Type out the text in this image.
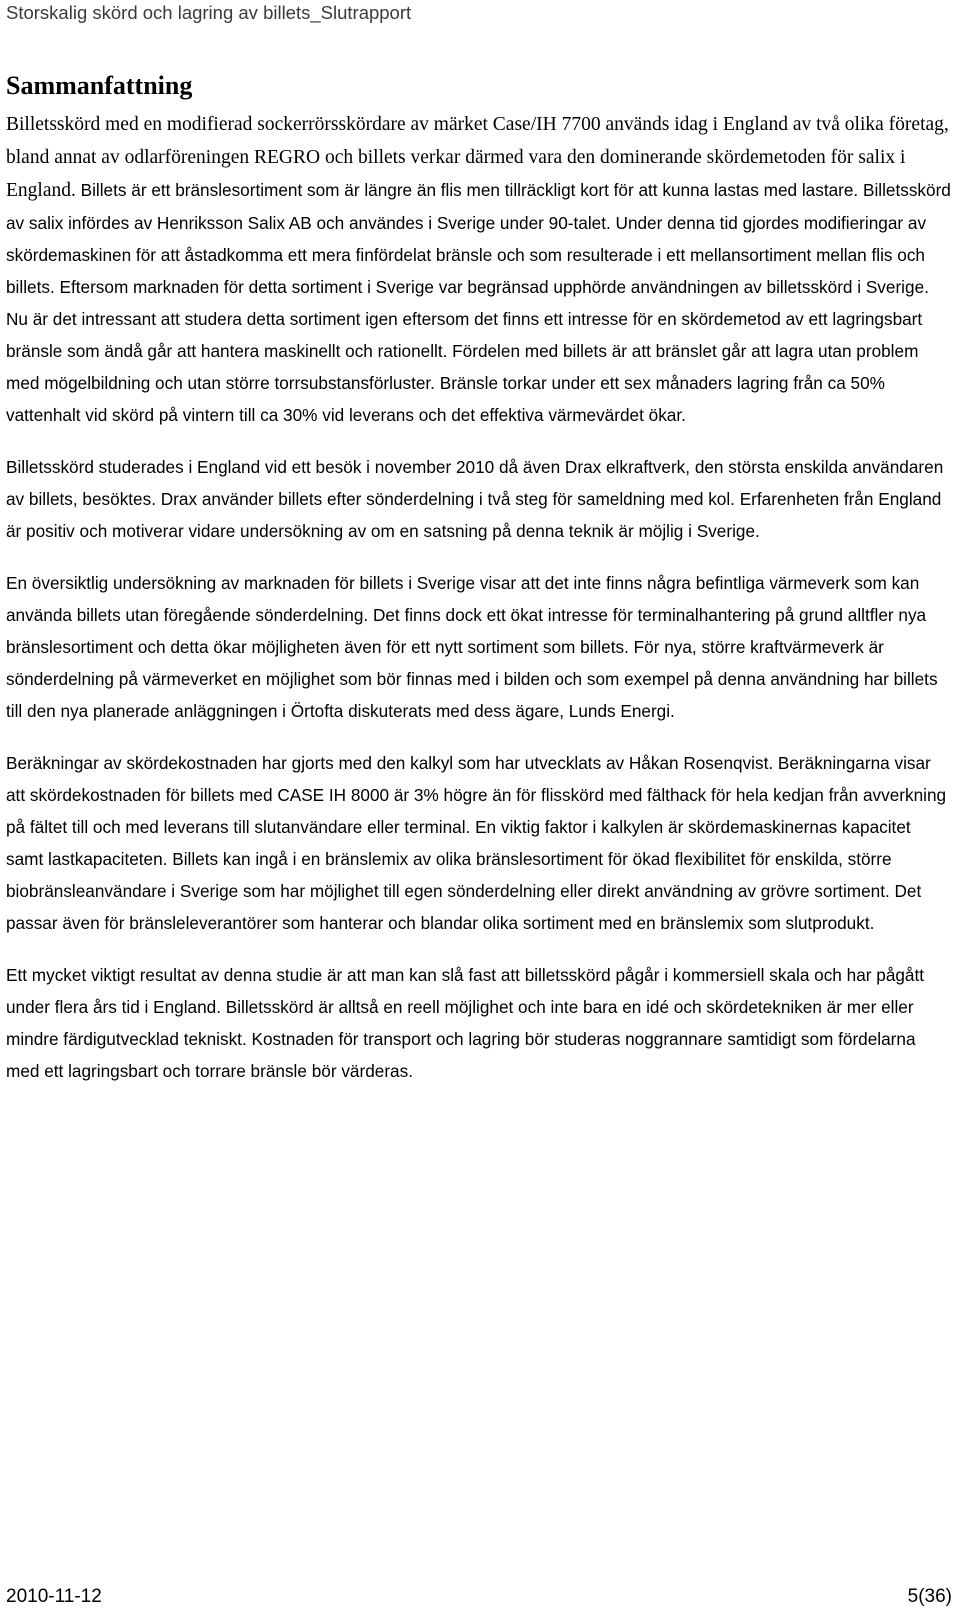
Storskalig skörd och lagring av billets_Slutrapport
Sammanfattning

Billetsskörd med en modifierad sockerrörsskördare av märket Case/IH 7700 används idag i England av två olika företag, bland annat av odlarföreningen REGRO och billets verkar därmed vara den dominerande skördemetoden för salix i England. Billets är ett bränslesortiment som är längre än flis men tillräckligt kort för att kunna lastas med lastare. Billetsskörd av salix infördes av Henriksson Salix AB och användes i Sverige under 90-talet. Under denna tid gjordes modifieringar av skördemaskinen för att åstadkomma ett mera finfördelat bränsle och som resulterade i ett mellansortiment mellan flis och billets. Eftersom marknaden för detta sortiment i Sverige var begränsad upphörde användningen av billetsskörd i Sverige. Nu är det intressant att studera detta sortiment igen eftersom det finns ett intresse för en skördemetod av ett lagringsbart bränsle som ändå går att hantera maskinellt och rationellt. Fördelen med billets är att bränslet går att lagra utan problem med mögelbildning och utan större torrsubstansförluster. Bränsle torkar under ett sex månaders lagring från ca 50% vattenhalt vid skörd på vintern till ca 30% vid leverans och det effektiva värmevärdet ökar.

Billetsskörd studerades i England vid ett besök i november 2010 då även Drax elkraftverk, den största enskilda användaren av billets, besöktes. Drax använder billets efter sönderdelning i två steg för sameldning med kol. Erfarenheten från England är positiv och motiverar vidare undersökning av om en satsning på denna teknik är möjlig i Sverige.

En översiktlig undersökning av marknaden för billets i Sverige visar att det inte finns några befintliga värmeverk som kan använda billets utan föregående sönderdelning. Det finns dock ett ökat intresse för terminalhantering på grund alltfler nya bränslesortiment och detta ökar möjligheten även för ett nytt sortiment som billets. För nya, större kraftvärmeverk är sönderdelning på värmeverket en möjlighet som bör finnas med i bilden och som exempel på denna användning har billets till den nya planerade anläggningen i Örtofta diskuterats med dess ägare, Lunds Energi.

Beräkningar av skördekostnaden har gjorts med den kalkyl som har utvecklats av Håkan Rosenqvist. Beräkningarna visar att skördekostnaden för billets med CASE IH 8000 är 3% högre än för flisskörd med fälthack för hela kedjan från avverkning på fältet till och med leverans till slutanvändare eller terminal. En viktig faktor i kalkylen är skördemaskinernas kapacitet samt lastkapaciteten. Billets kan ingå i en bränslemix av olika bränslesortiment för ökad flexibilitet för enskilda, större biobränsleanvändare i Sverige som har möjlighet till egen sönderdelning eller direkt användning av grövre sortiment. Det passar även för bränsleleverantörer som hanterar och blandar olika sortiment med en bränslemix som slutprodukt.

Ett mycket viktigt resultat av denna studie är att man kan slå fast att billetsskörd pågår i kommersiell skala och har pågått under flera års tid i England. Billetsskörd är alltså en reell möjlighet och inte bara en idé och skördetekniken är mer eller mindre färdigutvecklad tekniskt. Kostnaden för transport och lagring bör studeras noggrannare samtidigt som fördelarna med ett lagringsbart och torrare bränsle bör värderas.

2010-11-12	5(36)
